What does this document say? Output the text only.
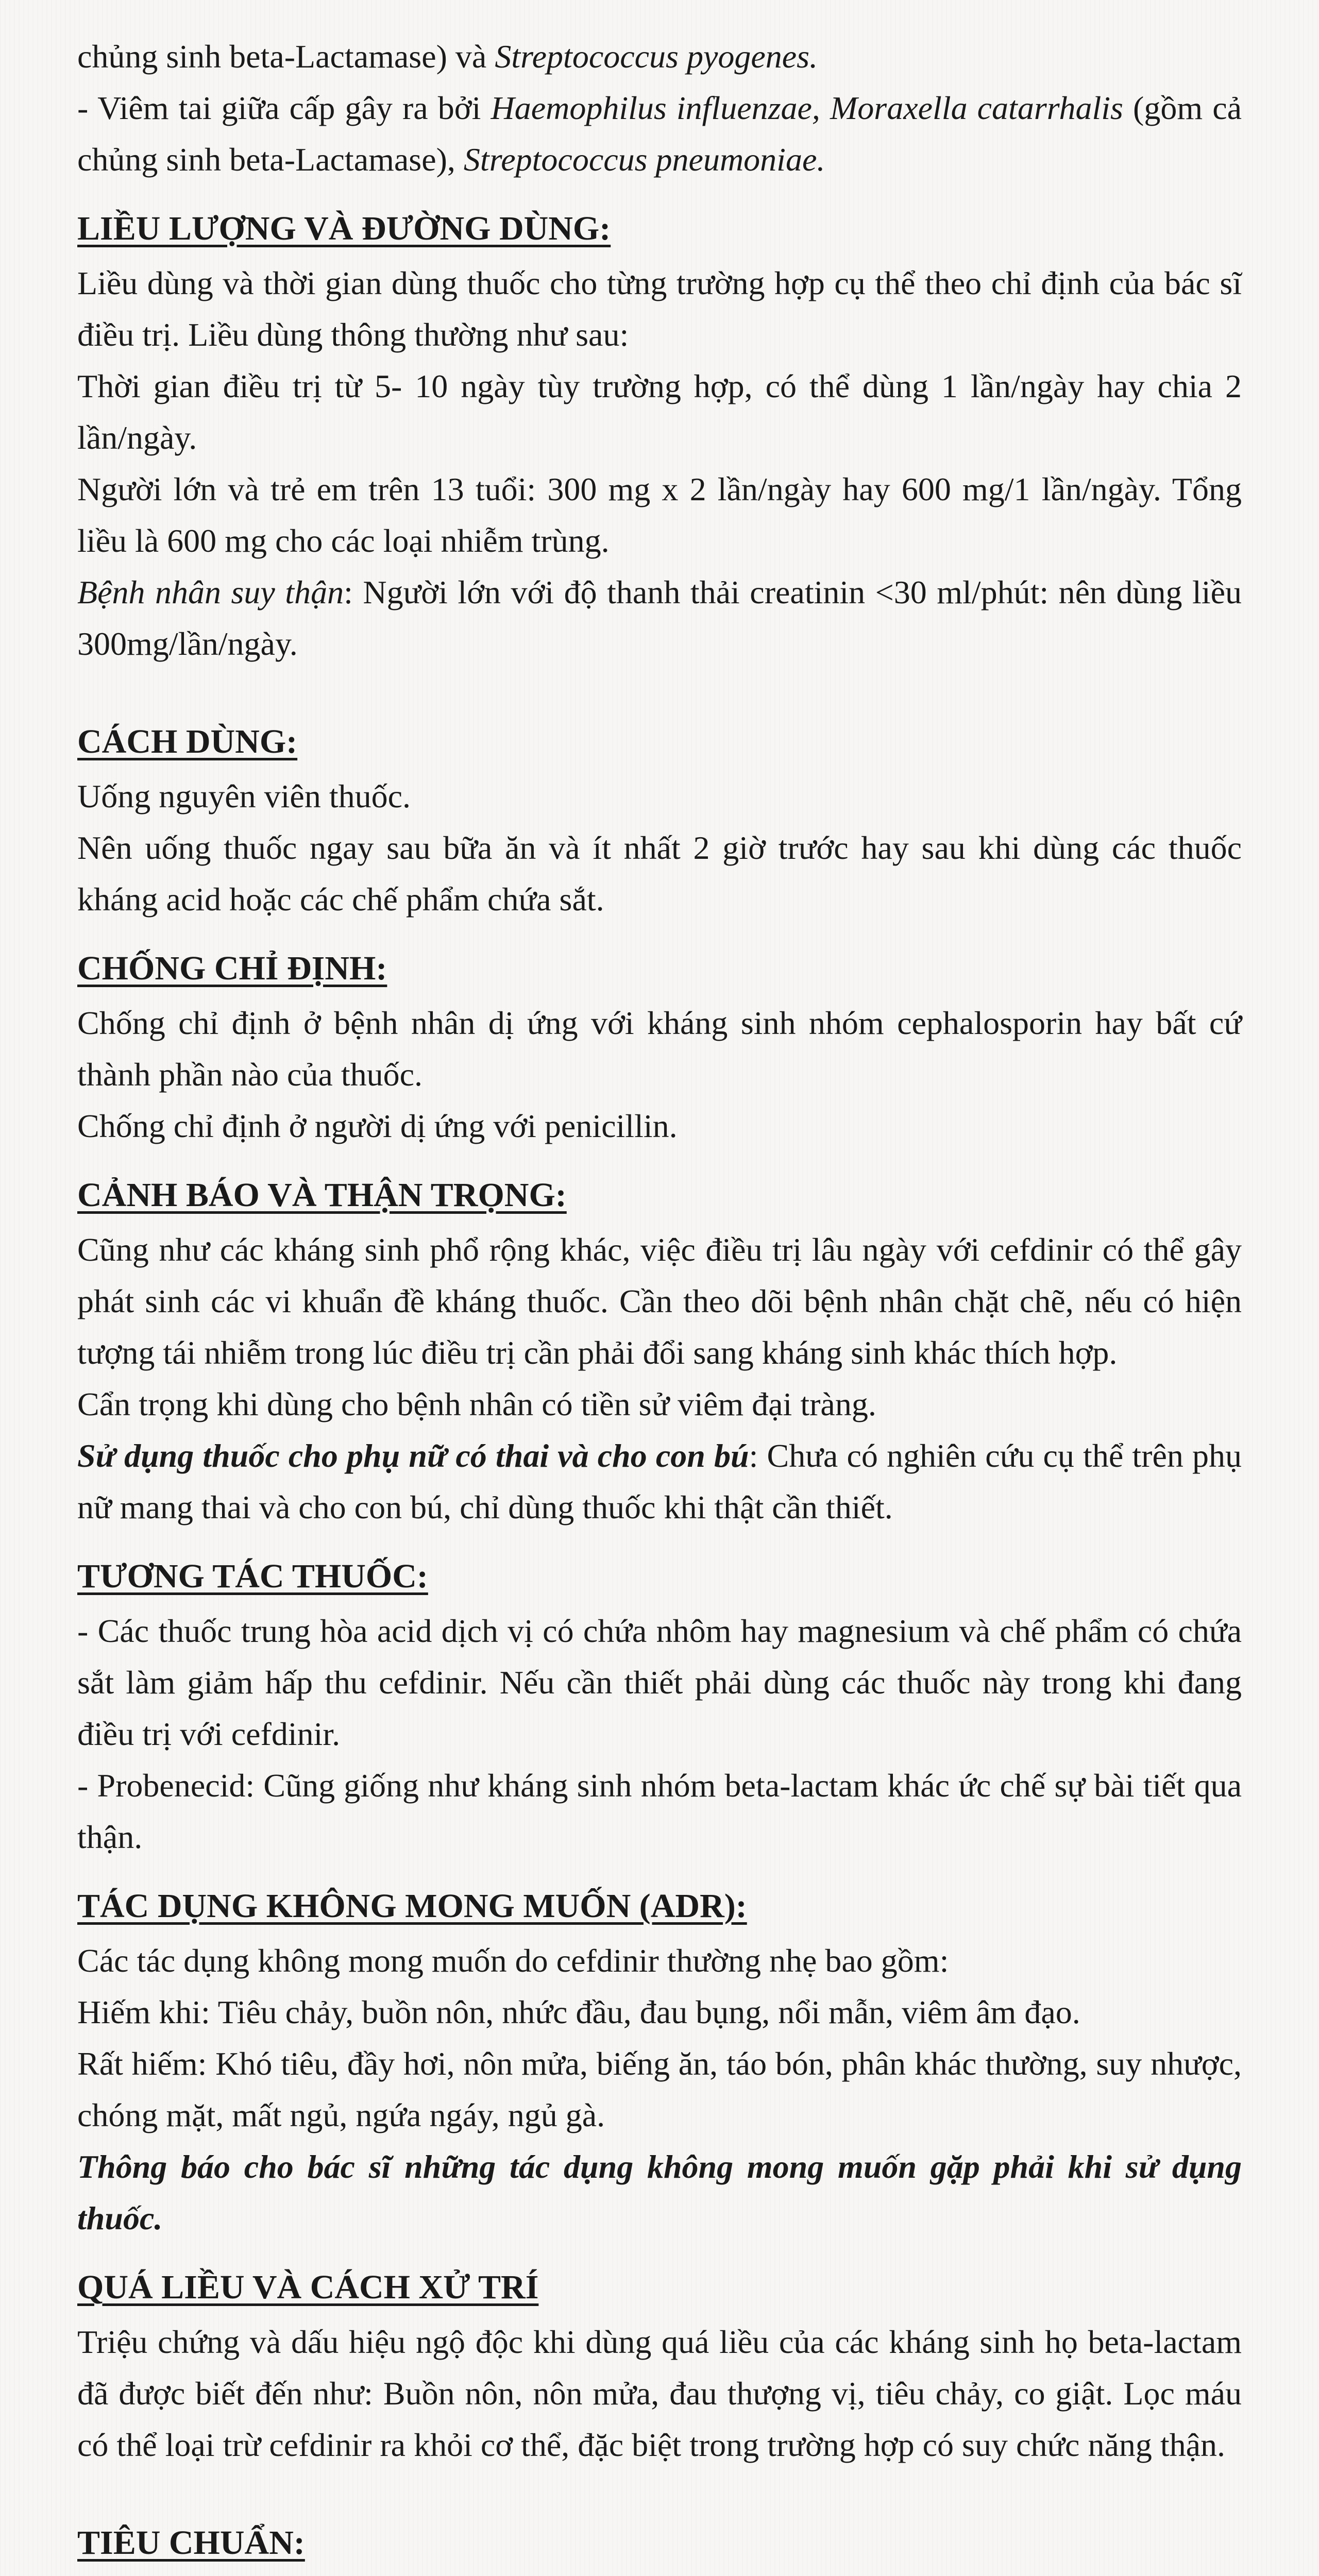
chủng sinh beta-Lactamase) và Streptococcus pyogenes.

- Viêm tai giữa cấp gây ra bởi Haemophilus influenzae, Moraxella catarrhalis (gồm cả chủng sinh beta-Lactamase), Streptococcus pneumoniae.

LIỀU LƯỢNG VÀ ĐƯỜNG DÙNG:

Liều dùng và thời gian dùng thuốc cho từng trường hợp cụ thể theo chỉ định của bác sĩ điều trị. Liều dùng thông thường như sau:

Thời gian điều trị từ 5- 10 ngày tùy trường hợp, có thể dùng 1 lần/ngày hay chia 2 lần/ngày.

Người lớn và trẻ em trên 13 tuổi: 300 mg x 2 lần/ngày hay 600 mg/1 lần/ngày. Tổng liều là 600 mg cho các loại nhiễm trùng.

Bệnh nhân suy thận: Người lớn với độ thanh thải creatinin <30 ml/phút: nên dùng liều 300mg/lần/ngày.

CÁCH DÙNG:

Uống nguyên viên thuốc.

Nên uống thuốc ngay sau bữa ăn và ít nhất 2 giờ trước hay sau khi dùng các thuốc kháng acid hoặc các chế phẩm chứa sắt.

CHỐNG CHỈ ĐỊNH:

Chống chỉ định ở bệnh nhân dị ứng với kháng sinh nhóm cephalosporin hay bất cứ thành phần nào của thuốc.

Chống chỉ định ở người dị ứng với penicillin.

CẢNH BÁO VÀ THẬN TRỌNG:

Cũng như các kháng sinh phổ rộng khác, việc điều trị lâu ngày với cefdinir có thể gây phát sinh các vi khuẩn đề kháng thuốc. Cần theo dõi bệnh nhân chặt chẽ, nếu có hiện tượng tái nhiễm trong lúc điều trị cần phải đổi sang kháng sinh khác thích hợp.

Cẩn trọng khi dùng cho bệnh nhân có tiền sử viêm đại tràng.

Sử dụng thuốc cho phụ nữ có thai và cho con bú: Chưa có nghiên cứu cụ thể trên phụ nữ mang thai và cho con bú, chỉ dùng thuốc khi thật cần thiết.

TƯƠNG TÁC THUỐC:

- Các thuốc trung hòa acid dịch vị có chứa nhôm hay magnesium và chế phẩm có chứa sắt làm giảm hấp thu cefdinir. Nếu cần thiết phải dùng các thuốc này trong khi đang điều trị với cefdinir.

- Probenecid: Cũng giống như kháng sinh nhóm beta-lactam khác ức chế sự bài tiết qua thận.

TÁC DỤNG KHÔNG MONG MUỐN (ADR):

Các tác dụng không mong muốn do cefdinir thường nhẹ bao gồm:

Hiếm khi: Tiêu chảy, buồn nôn, nhức đầu, đau bụng, nổi mẫn, viêm âm đạo.

Rất hiếm: Khó tiêu, đầy hơi, nôn mửa, biếng ăn, táo bón, phân khác thường, suy nhược, chóng mặt, mất ngủ, ngứa ngáy, ngủ gà.

Thông báo cho bác sĩ những tác dụng không mong muốn gặp phải khi sử dụng thuốc.

QUÁ LIỀU VÀ CÁCH XỬ TRÍ

Triệu chứng và dấu hiệu ngộ độc khi dùng quá liều của các kháng sinh họ beta-lactam đã được biết đến như: Buồn nôn, nôn mửa, đau thượng vị, tiêu chảy, co giật. Lọc máu có thể loại trừ cefdinir ra khỏi cơ thể, đặc biệt trong trường hợp có suy chức năng thận.

TIÊU CHUẨN:
